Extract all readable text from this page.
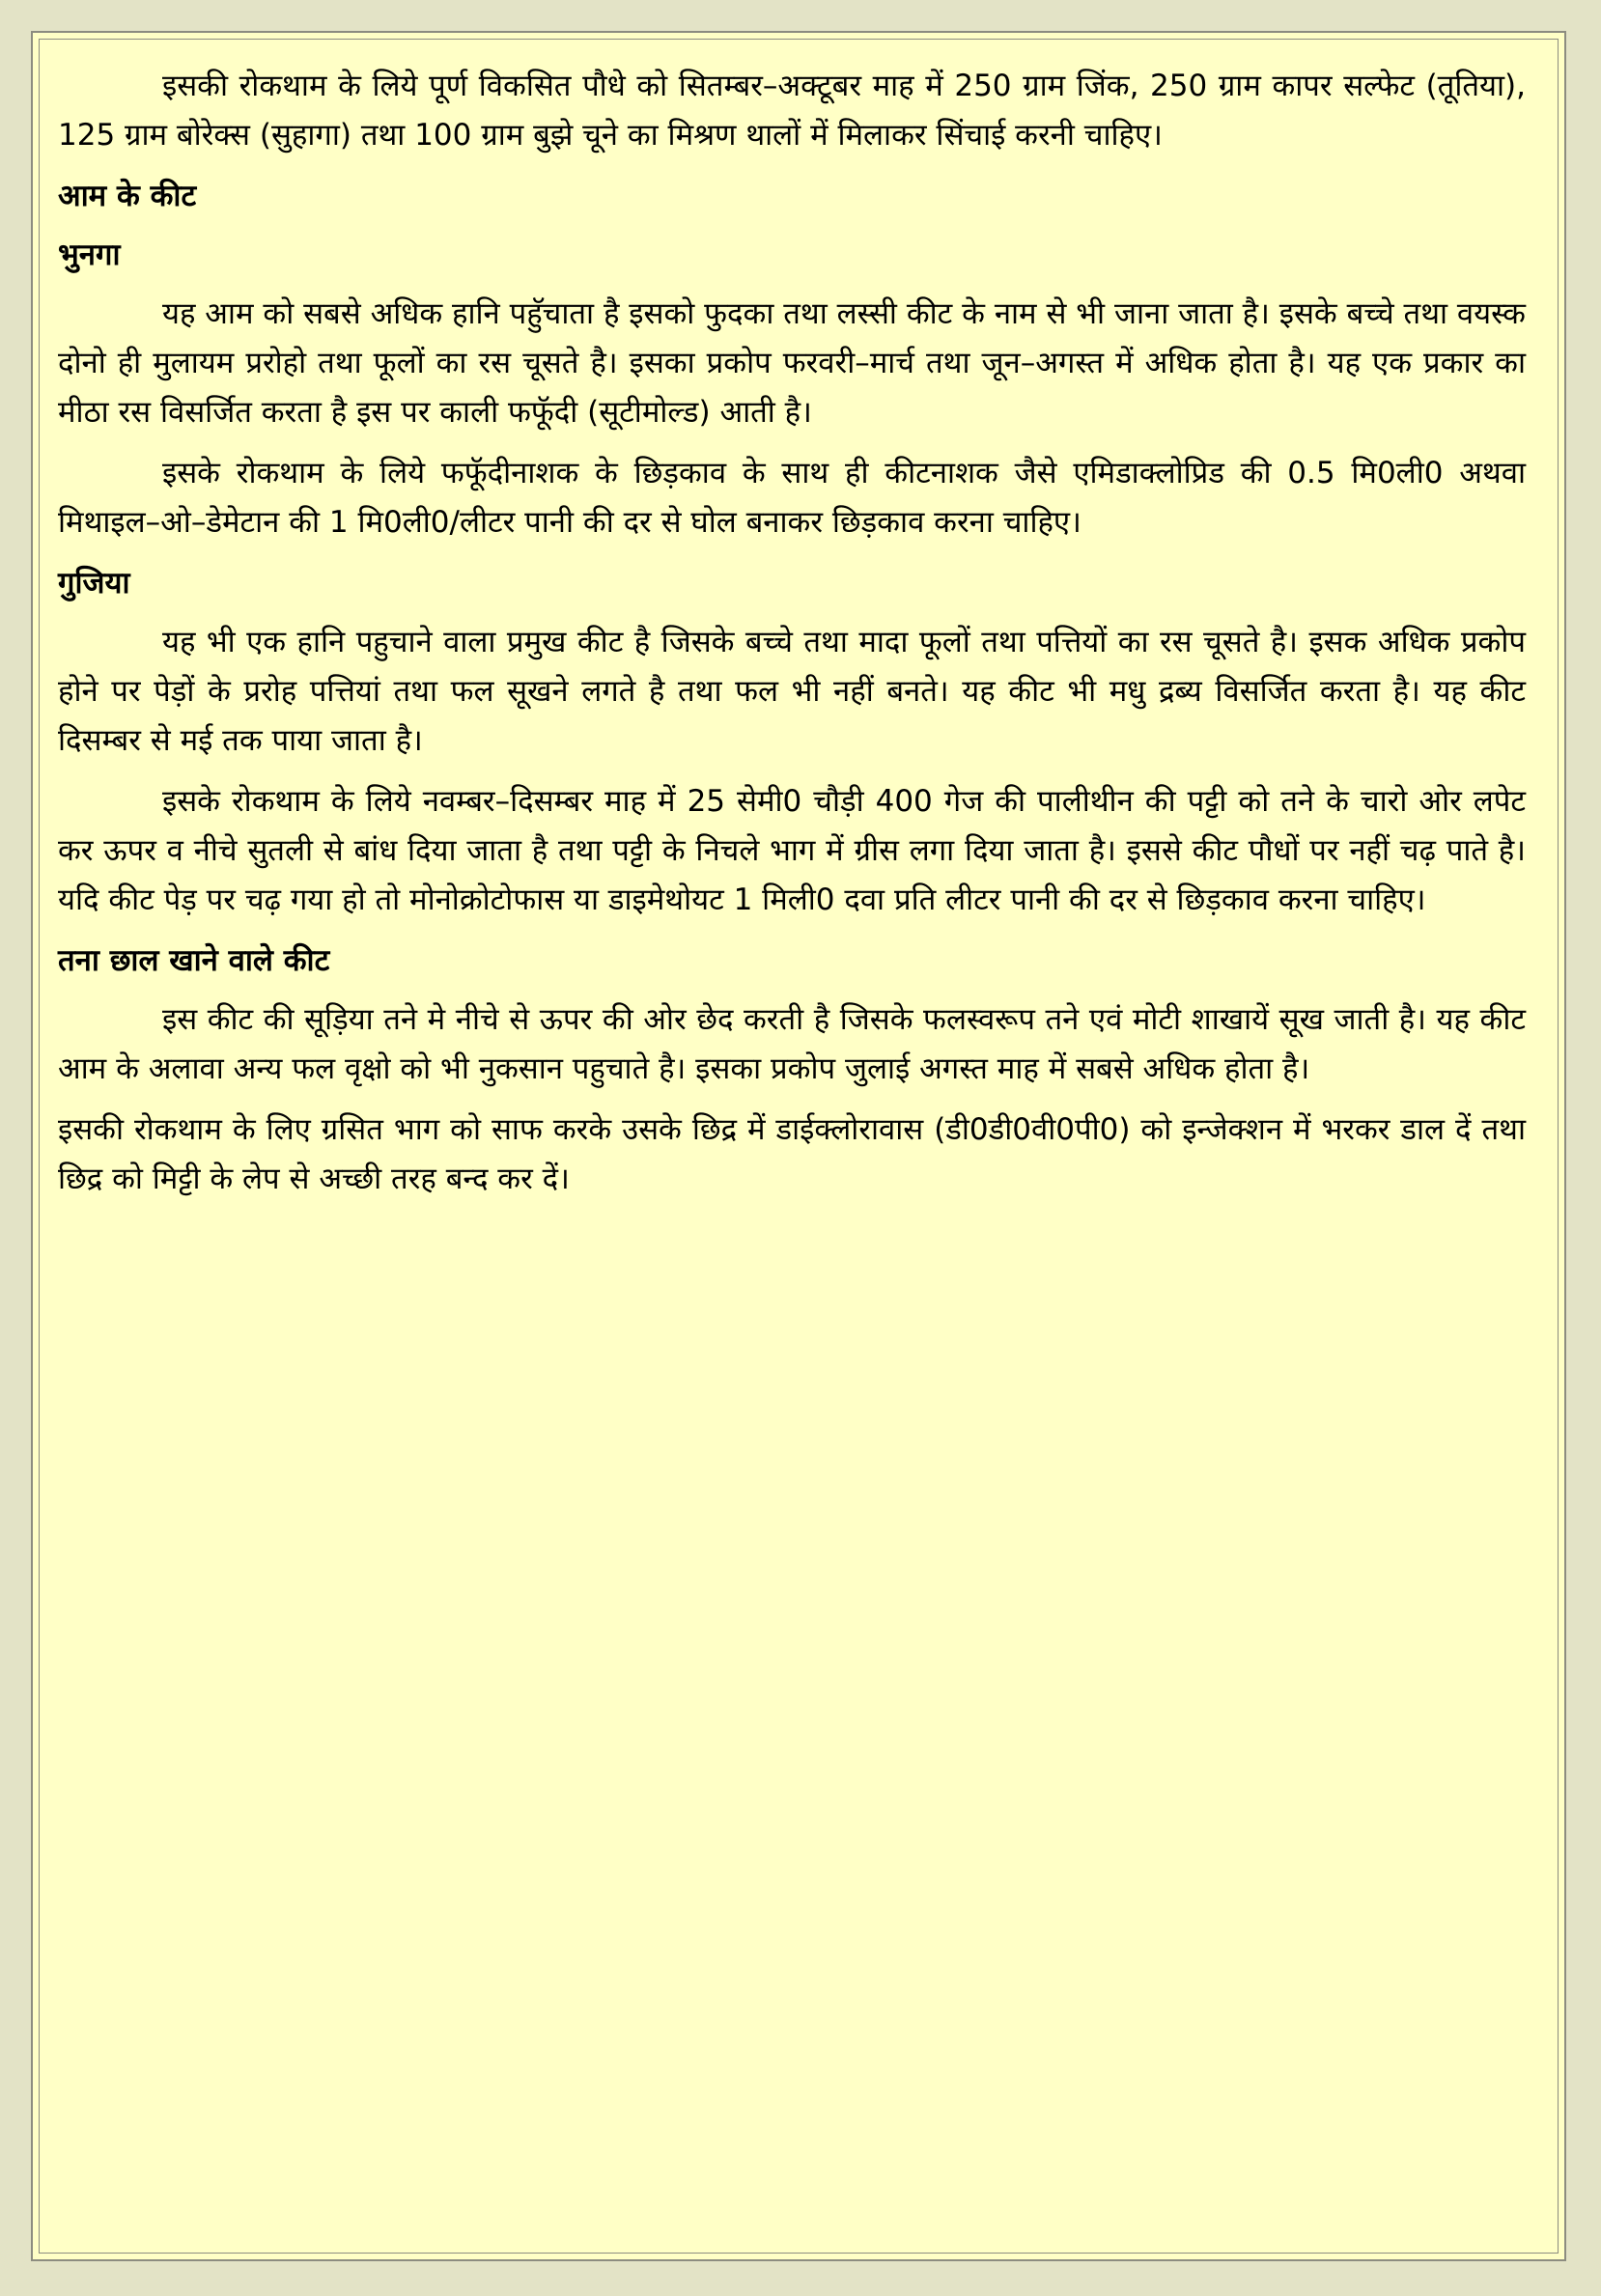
इसकी रोकथाम के लिये पूर्ण विकसित पौधे को सितम्बर–अक्टूबर माह में 250 ग्राम जिंक, 250 ग्राम कापर सल्फेट (तूतिया), 125 ग्राम बोरेक्स (सुहागा) तथा 100 ग्राम बुझे चूने का मिश्रण थालों में मिलाकर सिंचाई करनी चाहिए।

आम के कीट
भुनगा

यह आम को सबसे अधिक हानि पहुॅचाता है इसको फुदका तथा लस्सी कीट के नाम से भी जाना जाता है। इसके बच्चे तथा वयस्क दोनो ही मुलायम प्रराेहो तथा फूलों का रस चूसते है। इसका प्रकोप फरवरी–मार्च तथा जून–अगस्त में अधिक होता है। यह एक प्रकार का मीठा रस विसर्जित करता है इस पर काली फफूॅदी (सूटीमोल्ड) आती है।

इसके रोकथाम के लिये फफूॅदीनाशक के छिड़काव के साथ ही कीटनाशक जैसे एमिडाक्लोप्रिड की 0.5 मि0ली0 अथवा मिथाइल–ओ–डेमेटान की 1 मि0ली0/लीटर पानी की दर से घोल बनाकर छिड़काव करना चाहिए।

गुजिया

यह भी एक हानि पहुचाने वाला प्रमुख कीट है जिसके बच्चे तथा मादा फूलों तथा पत्तियों का रस चूसते है। इसक अधिक प्रकोप होने पर पेड़ों के प्ररोह पत्तियां तथा फल सूखने लगते है तथा फल भी नहीं बनते। यह कीट भी मधु द्रब्य विसर्जित करता है। यह कीट दिसम्बर से मई तक पाया जाता है।

इसके रोकथाम के लिये नवम्बर–दिसम्बर माह में 25 सेमी0 चौड़ी 400 गेज की पालीथीन की पट्टी को तने के चारो ओर लपेट कर ऊपर व नीचे सुतली से बांध दिया जाता है तथा पट्टी के निचले भाग में ग्रीस लगा दिया जाता है। इससे कीट पौधों पर नहीं चढ़ पाते है। यदि कीट पेड़ पर चढ़ गया हो तो मोनोक्रोटोफास या डाइमेथोयट 1 मिली0 दवा प्रति लीटर पानी की दर से छिड़काव करना चाहिए।

तना छाल खाने वाले कीट

इस कीट की सूड़िया तने मे नीचे से ऊपर की ओर छेद करती है जिसके फलस्वरूप तने एवं मोटी शाखायें सूख जाती है। यह कीट आम के अलावा अन्य फल वृक्षो को भी नुकसान पहुचाते है। इसका प्रकोप जुलाई अगस्त माह में सबसे अधिक होता है।

इसकी रोकथाम के लिए ग्रसित भाग को साफ करके उसके छिद्र में डाईक्लोरावास (डी0डी0वी0पी0) को इन्जेक्शन में भरकर डाल दें तथा छिद्र को मिट्टी के लेप से अच्छी तरह बन्द कर दें।
